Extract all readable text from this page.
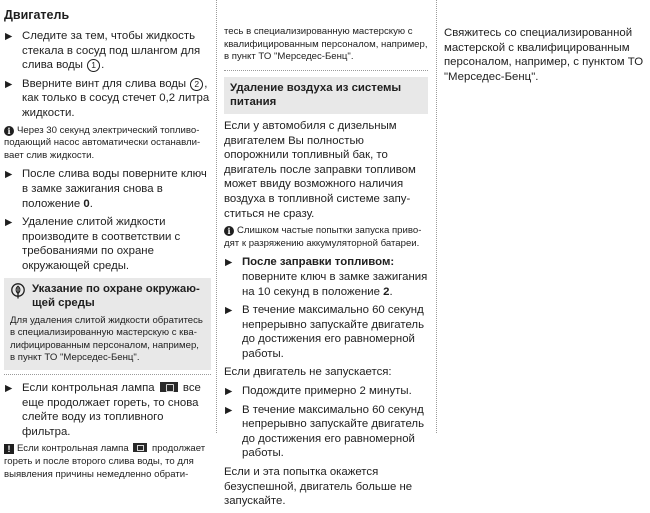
Двигатель
▶ Следите за тем, чтобы жидкость стекала в сосуд под шлангом для слива воды 1 .
▶ Вверните винт для слива воды 2 , как только в сосуд стечет 0,2 литра жидкости.
i Через 30 секунд электрический топливоподающий насос автоматически останавливает слив жидкости.
▶ После слива воды поверните ключ в замке зажигания снова в положение 0.
▶ Удаление слитой жидкости производите в соответствии с требованиями по охране окружающей среды.
Указание по охране окружающей среды
Для удаления слитой жидкости обратитесь в специализированную мастерскую с квалифицированным персоналом, например, в пункт ТО "Мерседес-Бенц".
▶ Если контрольная лампа  все еще продолжает гореть, то снова слейте воду из топливного фильтра.
! Если контрольная лампа  продолжает гореть и после второго слива воды, то для выявления причины немедленно обрати-
тесь в специализированную мастерскую с квалифицированным персоналом, например, в пункт ТО "Мерседес-Бенц".
Удаление воздуха из системы питания
Если у автомобиля с дизельным двигателем Вы полностью опорожнили топливный бак, то двигатель после заправки топливом может ввиду возможного наличия воздуха в топливной системе запуститься не сразу.
i Слишком частые попытки запуска приводят к разряжению аккумуляторной батареи.
▶ После заправки топливом: поверните ключ в замке зажигания на 10 секунд в положение 2.
▶ В течение максимально 60 секунд непрерывно запускайте двигатель до достижения его равномерной работы.
Если двигатель не запускается:
▶ Подождите примерно 2 минуты.
▶ В течение максимально 60 секунд непрерывно запускайте двигатель до достижения его равномерной работы.
Если и эта попытка окажется безуспешной, двигатель больше не запускайте.
Свяжитесь со специализированной мастерской с квалифицированным персоналом, например, с пунктом ТО "Мерседес-Бенц".
